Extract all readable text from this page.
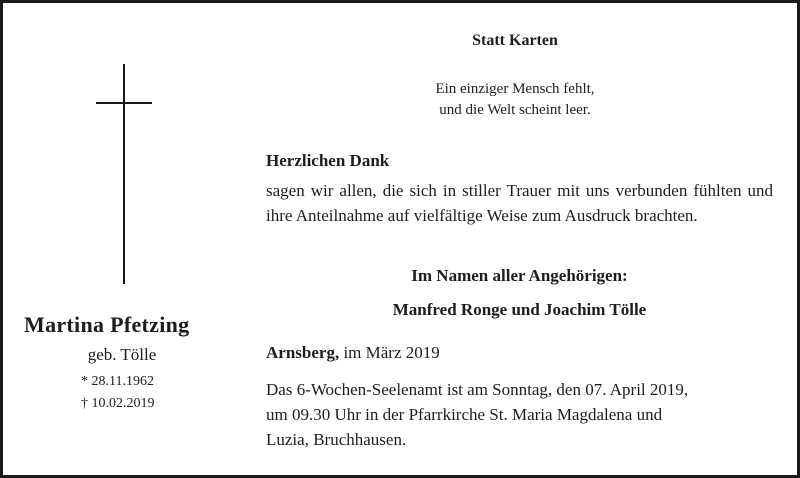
Martina Pfetzing
geb. Tölle
* 28.11.1962
† 10.02.2019
Statt Karten
Ein einziger Mensch fehlt,
und die Welt scheint leer.
Herzlichen Dank
sagen wir allen, die sich in stiller Trauer mit uns verbunden fühlten und ihre Anteilnahme auf vielfältige Weise zum Ausdruck brachten.
Im Namen aller Angehörigen:
Manfred Ronge und Joachim Tölle
Arnsberg, im März 2019
Das 6-Wochen-Seelenamt ist am Sonntag, den 07. April 2019,
um 09.30 Uhr in der Pfarrkirche St. Maria Magdalena und
Luzia, Bruchhausen.
